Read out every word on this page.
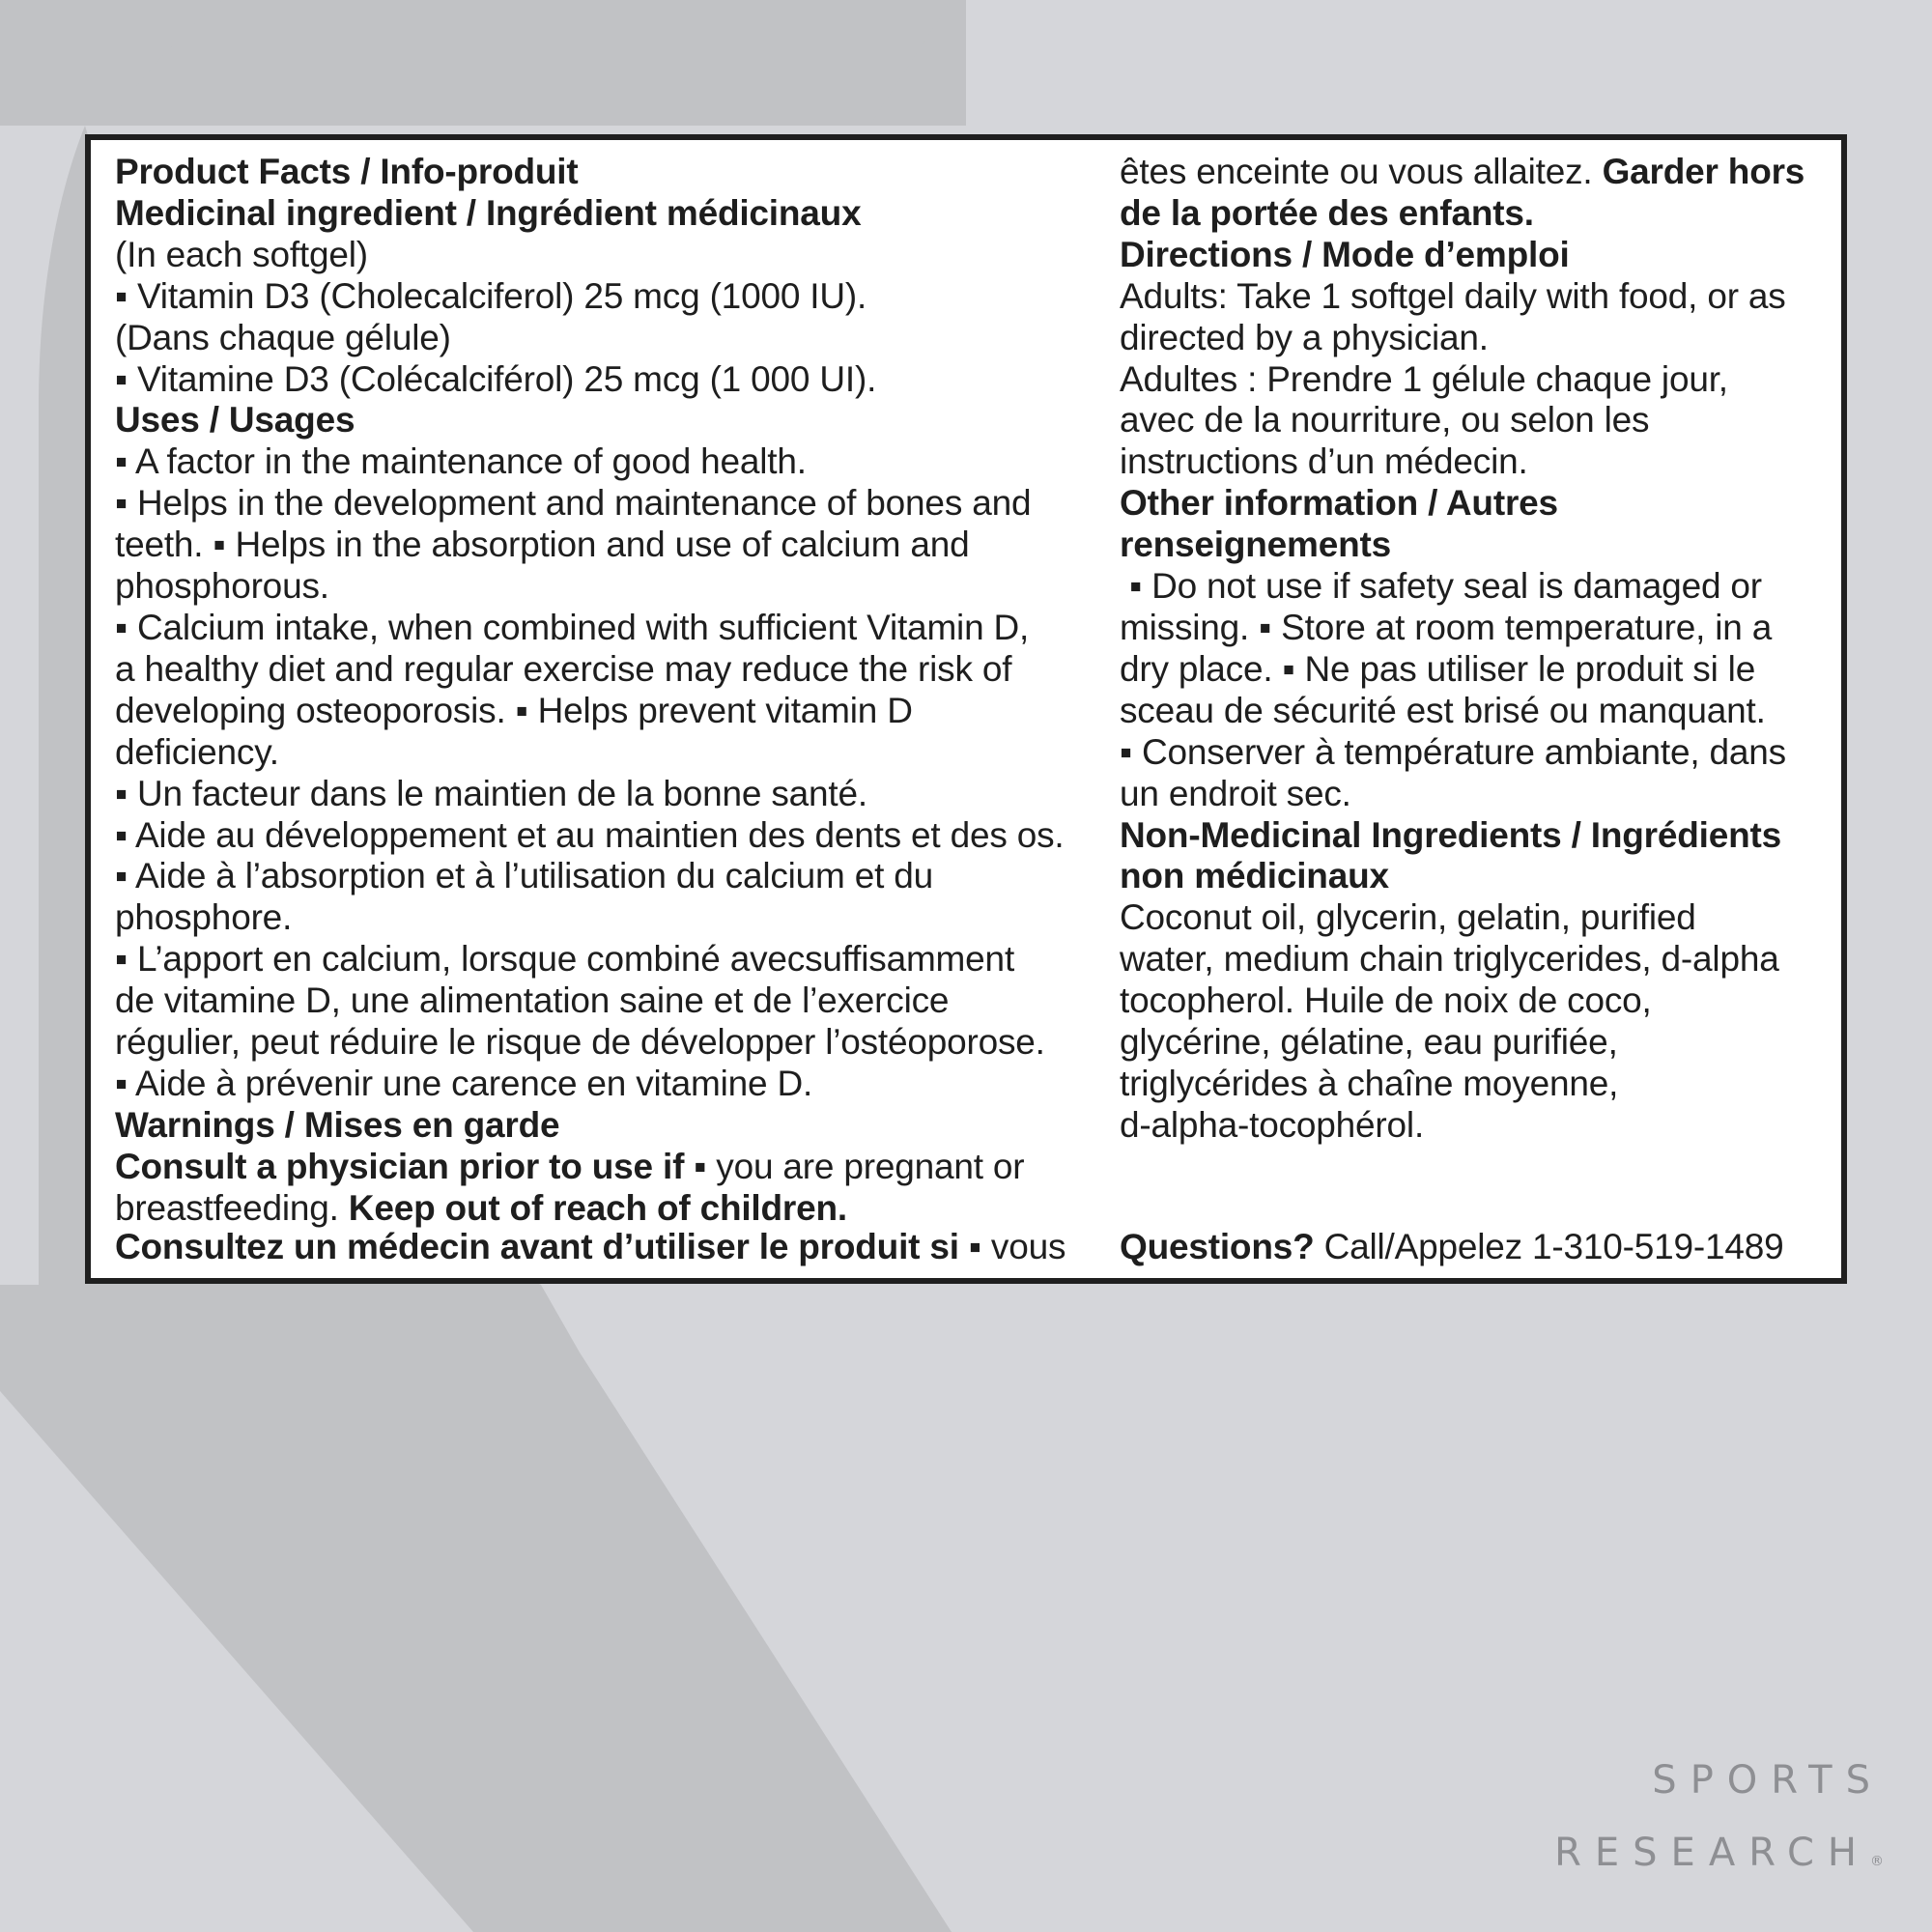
Product Facts / Info-produit
Medicinal ingredient / Ingrédient médicinaux
(In each softgel)
▪ Vitamin D3 (Cholecalciferol) 25 mcg (1000 IU).
(Dans chaque gélule)
▪ Vitamine D3 (Colécalciférol) 25 mcg (1 000 UI).
Uses / Usages
▪ A factor in the maintenance of good health.
▪ Helps in the development and maintenance of bones and
teeth. ▪ Helps in the absorption and use of calcium and
phosphorous.
▪ Calcium intake, when combined with sufficient Vitamin D,
a healthy diet and regular exercise may reduce the risk of
developing osteoporosis. ▪ Helps prevent vitamin D
deficiency.
▪ Un facteur dans le maintien de la bonne santé.
▪ Aide au développement et au maintien des dents et des os.
▪ Aide à l’absorption et à l’utilisation du calcium et du
phosphore.
▪ L’apport en calcium, lorsque combiné avecsuffisamment
de vitamine D, une alimentation saine et de l’exercice
régulier, peut réduire le risque de développer l’ostéoporose.
▪ Aide à prévenir une carence en vitamine D.
Warnings / Mises en garde
Consult a physician prior to use if ▪ you are pregnant or
breastfeeding. Keep out of reach of children.
Consultez un médecin avant d’utiliser le produit si ▪ vous
êtes enceinte ou vous allaitez. Garder hors
de la portée des enfants.
Directions / Mode d’emploi
Adults: Take 1 softgel daily with food, or as
directed by a physician.
Adultes : Prendre 1 gélule chaque jour,
avec de la nourriture, ou selon les
instructions d’un médecin.
Other information / Autres
renseignements
▪ Do not use if safety seal is damaged or
missing. ▪ Store at room temperature, in a
dry place. ▪ Ne pas utiliser le produit si le
sceau de sécurité est brisé ou manquant.
▪ Conserver à température ambiante, dans
un endroit sec.
Non-Medicinal Ingredients / Ingrédients
non médicinaux
Coconut oil, glycerin, gelatin, purified
water, medium chain triglycerides, d-alpha
tocopherol. Huile de noix de coco,
glycérine, gélatine, eau purifiée,
triglycérides à chaîne moyenne,
d-alpha-tocophérol.
Questions? Call/Appelez 1-310-519-1489
SPORTS
RESEARCH®
